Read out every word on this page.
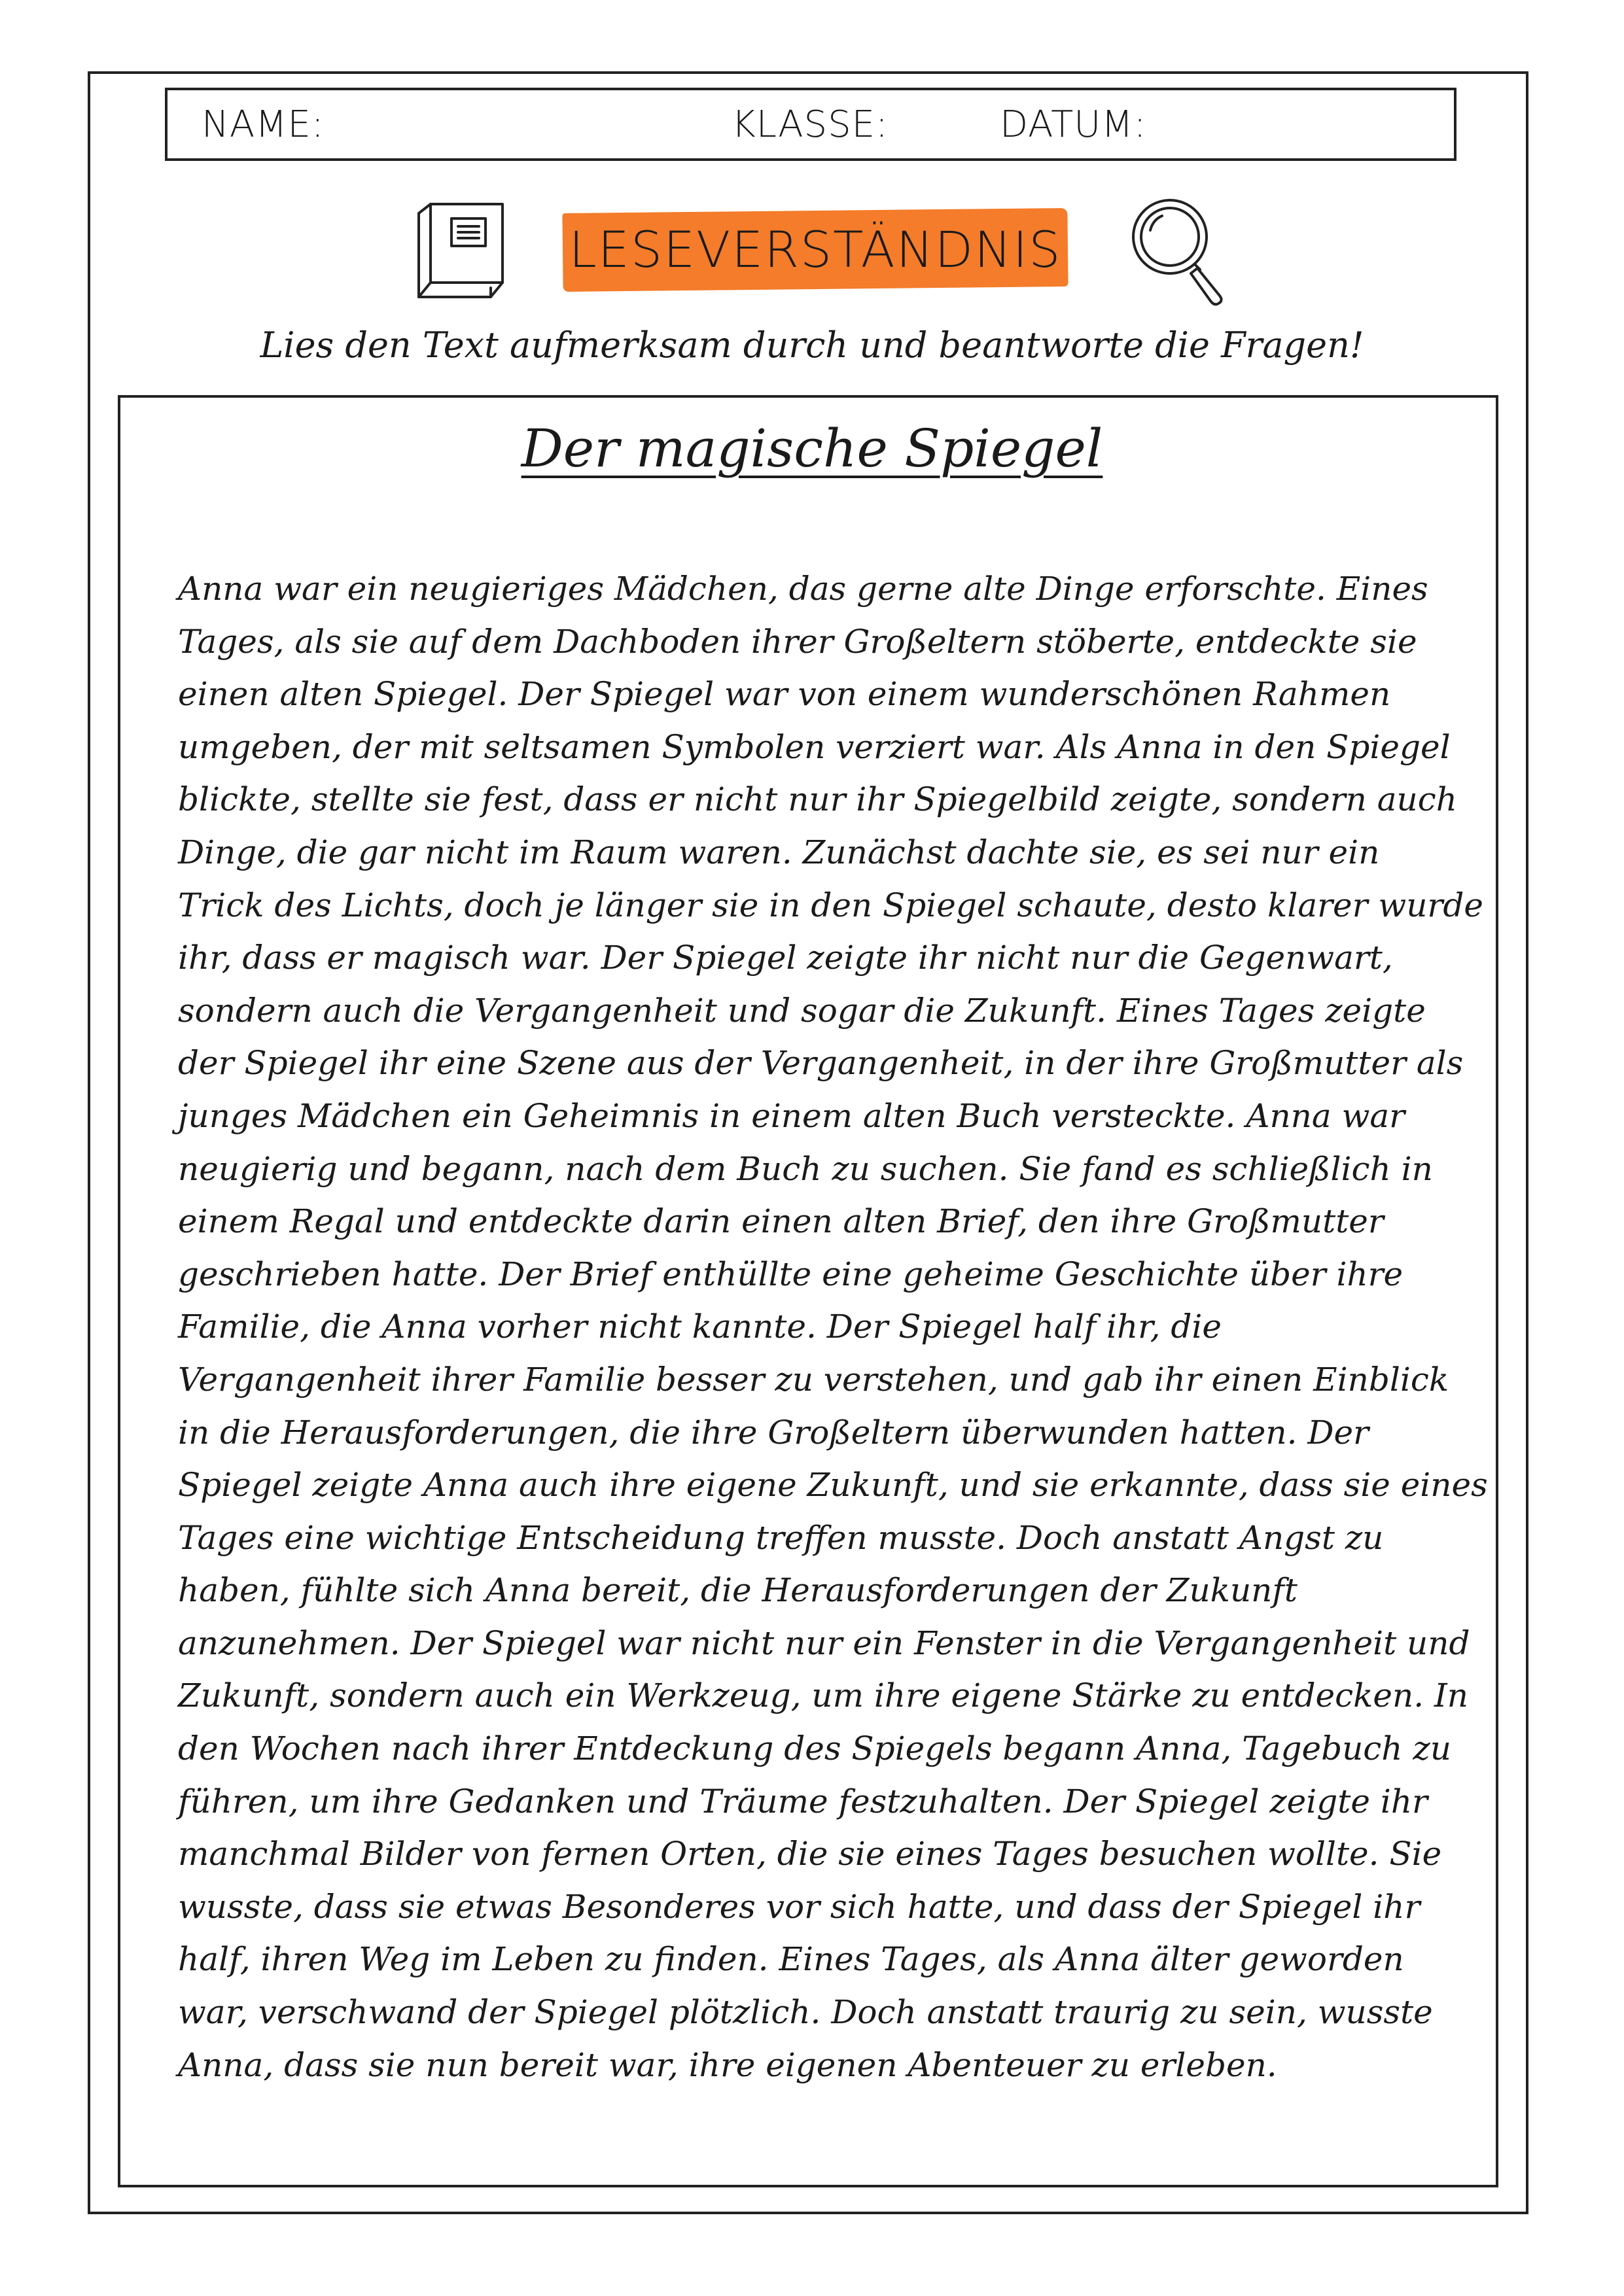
NAME:	KLASSE:	DATUM:
LESEVERSTÄNDNIS
Lies den Text aufmerksam durch und beantworte die Fragen!
Der magische Spiegel
Anna war ein neugieriges Mädchen, das gerne alte Dinge erforschte. Eines
Tages, als sie auf dem Dachboden ihrer Großeltern stöberte, entdeckte sie
einen alten Spiegel. Der Spiegel war von einem wunderschönen Rahmen
umgeben, der mit seltsamen Symbolen verziert war. Als Anna in den Spiegel
blickte, stellte sie fest, dass er nicht nur ihr Spiegelbild zeigte, sondern auch
Dinge, die gar nicht im Raum waren. Zunächst dachte sie, es sei nur ein
Trick des Lichts, doch je länger sie in den Spiegel schaute, desto klarer wurde
ihr, dass er magisch war. Der Spiegel zeigte ihr nicht nur die Gegenwart,
sondern auch die Vergangenheit und sogar die Zukunft. Eines Tages zeigte
der Spiegel ihr eine Szene aus der Vergangenheit, in der ihre Großmutter als
junges Mädchen ein Geheimnis in einem alten Buch versteckte. Anna war
neugierig und begann, nach dem Buch zu suchen. Sie fand es schließlich in
einem Regal und entdeckte darin einen alten Brief, den ihre Großmutter
geschrieben hatte. Der Brief enthüllte eine geheime Geschichte über ihre
Familie, die Anna vorher nicht kannte. Der Spiegel half ihr, die
Vergangenheit ihrer Familie besser zu verstehen, und gab ihr einen Einblick
in die Herausforderungen, die ihre Großeltern überwunden hatten. Der
Spiegel zeigte Anna auch ihre eigene Zukunft, und sie erkannte, dass sie eines
Tages eine wichtige Entscheidung treffen musste. Doch anstatt Angst zu
haben, fühlte sich Anna bereit, die Herausforderungen der Zukunft
anzunehmen. Der Spiegel war nicht nur ein Fenster in die Vergangenheit und
Zukunft, sondern auch ein Werkzeug, um ihre eigene Stärke zu entdecken. In
den Wochen nach ihrer Entdeckung des Spiegels begann Anna, Tagebuch zu
führen, um ihre Gedanken und Träume festzuhalten. Der Spiegel zeigte ihr
manchmal Bilder von fernen Orten, die sie eines Tages besuchen wollte. Sie
wusste, dass sie etwas Besonderes vor sich hatte, und dass der Spiegel ihr
half, ihren Weg im Leben zu finden. Eines Tages, als Anna älter geworden
war, verschwand der Spiegel plötzlich. Doch anstatt traurig zu sein, wusste
Anna, dass sie nun bereit war, ihre eigenen Abenteuer zu erleben.
